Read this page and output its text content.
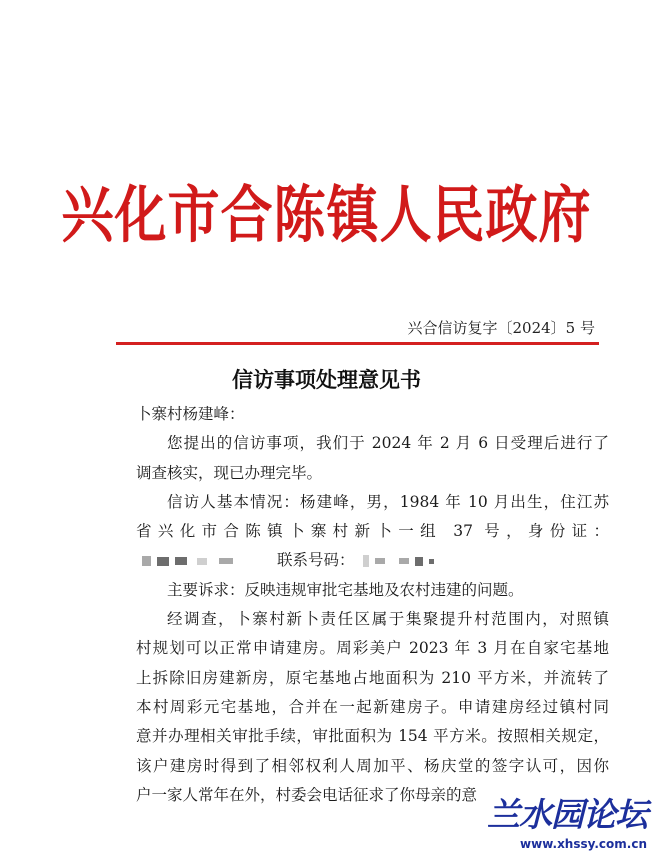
兴化市合陈镇人民政府
兴合信访复字〔2024〕5 号
信访事项处理意见书
卜寨村杨建峰：
您提出的信访事项，我们于 2024 年 2 月 6 日受理后进行了
调查核实，现已办理完毕。
信访人基本情况：杨建峰，男，1984 年 10 月出生，住江苏
省兴化市合陈镇卜寨村新卜一组 37 号，身份证：
联系号码：
主要诉求：反映违规审批宅基地及农村违建的问题。
经调查，卜寨村新卜责任区属于集聚提升村范围内，对照镇
村规划可以正常申请建房。周彩美户 2023 年 3 月在自家宅基地
上拆除旧房建新房，原宅基地占地面积为 210 平方米，并流转了
本村周彩元宅基地，合并在一起新建房子。申请建房经过镇村同
意并办理相关审批手续，审批面积为 154 平方米。按照相关规定，
该户建房时得到了相邻权利人周加平、杨庆堂的签字认可，因你
户一家人常年在外，村委会电话征求了你母亲的意
兰水园论坛
www.xhssy.com.cn
